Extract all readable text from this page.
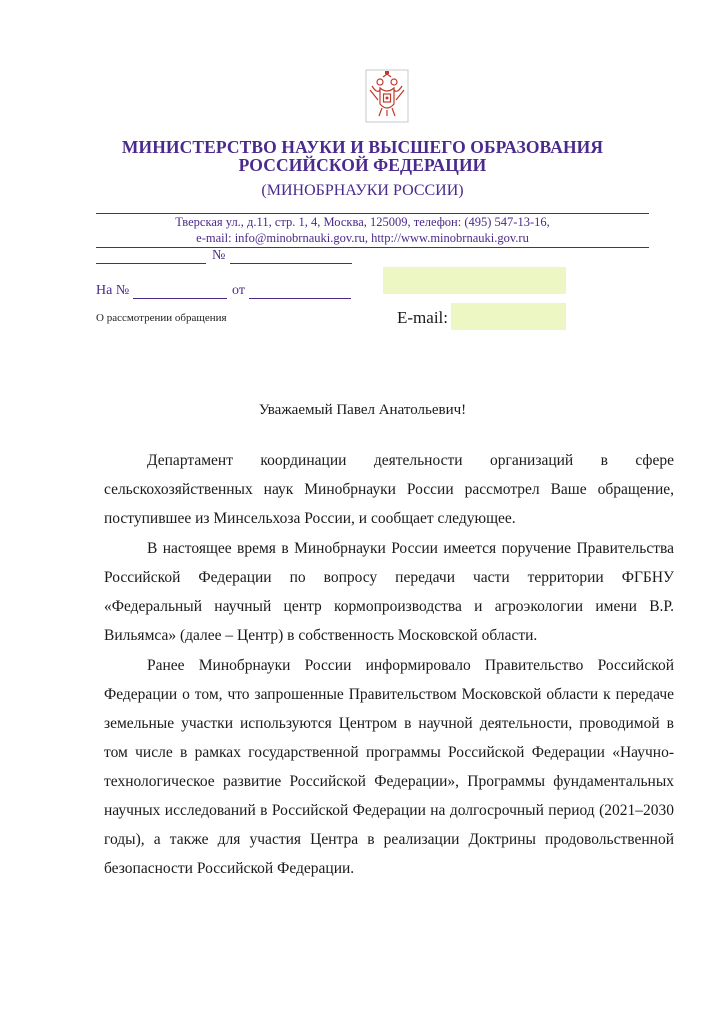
МИНИСТЕРСТВО НАУКИ И ВЫСШЕГО ОБРАЗОВАНИЯ
РОССИЙСКОЙ ФЕДЕРАЦИИ
(МИНОБРНАУКИ РОССИИ)
Тверская ул., д.11, стр. 1, 4, Москва, 125009, телефон: (495) 547-13-16,
e-mail: info@minobrnauki.gov.ru, http://www.minobrnauki.gov.ru
№
На №	от
О рассмотрении обращения	E-mail:
Уважаемый Павел Анатольевич!

Департамент координации деятельности организаций в сфере сельскохозяйственных наук Минобрнауки России рассмотрел Ваше обращение, поступившее из Минсельхоза России, и сообщает следующее.

В настоящее время в Минобрнауки России имеется поручение Правительства Российской Федерации по вопросу передачи части территории ФГБНУ «Федеральный научный центр кормопроизводства и агроэкологии имени В.Р. Вильямса» (далее – Центр) в собственность Московской области.

Ранее Минобрнауки России информировало Правительство Российской Федерации о том, что запрошенные Правительством Московской области к передаче земельные участки используются Центром в научной деятельности, проводимой в том числе в рамках государственной программы Российской Федерации «Научно-технологическое развитие Российской Федерации», Программы фундаментальных научных исследований в Российской Федерации на долгосрочный период (2021–2030 годы), а также для участия Центра в реализации Доктрины продовольственной безопасности Российской Федерации.
